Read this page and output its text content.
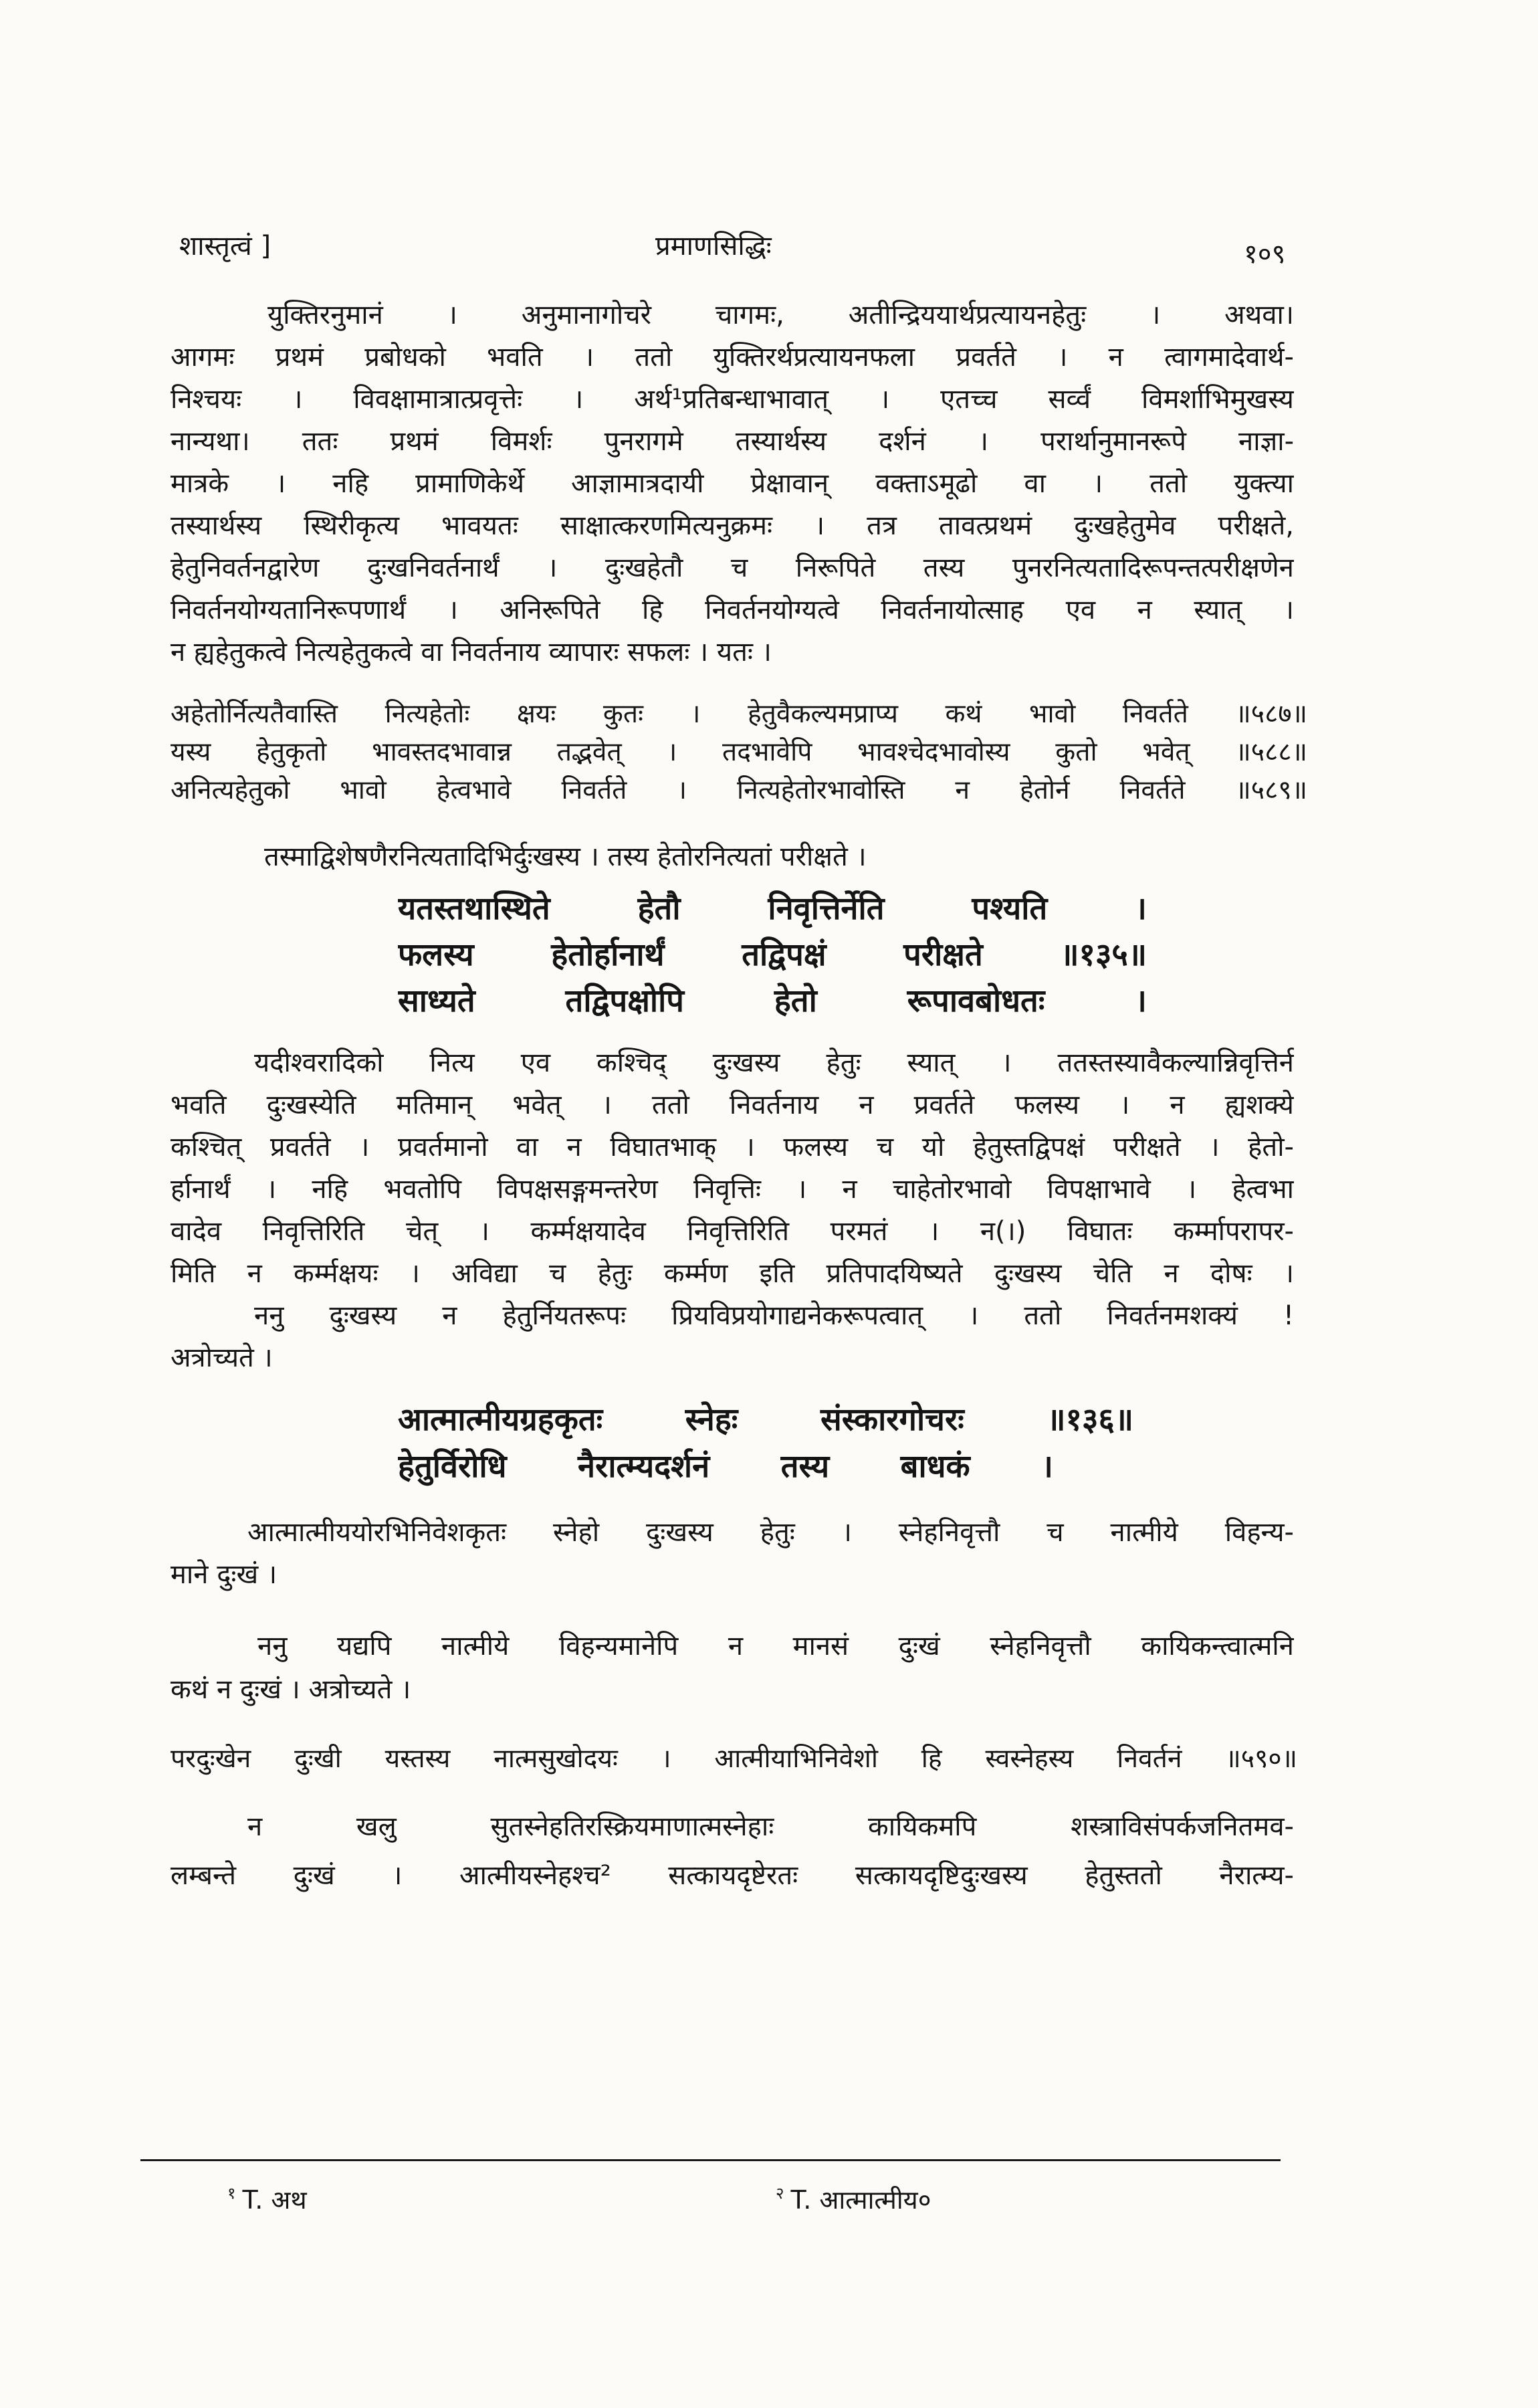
शास्तृत्वं ]	प्रमाणसिद्धिः	१०९
युक्तिरनुमानं । अनुमानागोचरे चागमः, अतीन्द्रिययार्थप्रत्यायनहेतुः । अथवा।
आगमः प्रथमं प्रबोधको भवति । ततो युक्तिरर्थप्रत्यायनफला प्रवर्तते । न त्वागमादेवार्थ-
निश्चयः । विवक्षामात्रात्प्रवृत्तेः । अर्थ¹प्रतिबन्धाभावात् । एतच्च सर्व्वं विमर्शाभिमुखस्य
नान्यथा। ततः प्रथमं विमर्शः पुनरागमे तस्यार्थस्य दर्शनं । परार्थानुमानरूपे नाज्ञा-
मात्रके । नहि प्रामाणिकेर्थे आज्ञामात्रदायी प्रेक्षावान् वक्ताऽमूढो वा । ततो युक्त्या
तस्यार्थस्य स्थिरीकृत्य भावयतः साक्षात्करणमित्यनुक्रमः । तत्र तावत्प्रथमं दुःखहेतुमेव परीक्षते,
हेतुनिवर्तनद्वारेण दुःखनिवर्तनार्थं । दुःखहेतौ च निरूपिते तस्य पुनरनित्यतादिरूपन्तत्परीक्षणेन
निवर्तनयोग्यतानिरूपणार्थं । अनिरूपिते हि निवर्तनयोग्यत्वे निवर्तनायोत्साह एव न स्यात् ।
न ह्यहेतुकत्वे नित्यहेतुकत्वे वा निवर्तनाय व्यापारः सफलः । यतः ।
अहेतोर्नित्यतैवास्ति नित्यहेतोः क्षयः कुतः । हेतुवैकल्यमप्राप्य कथं भावो निवर्तते ॥५८७॥
यस्य हेतुकृतो भावस्तदभावान्न तद्भवेत् । तदभावेपि भावश्चेदभावोस्य कुतो भवेत् ॥५८८॥
अनित्यहेतुको भावो हेत्वभावे निवर्तते । नित्यहेतोरभावोस्ति न हेतोर्न निवर्तते ॥५८९॥
तस्माद्विशेषणैरनित्यतादिभिर्दुःखस्य । तस्य हेतोरनित्यतां परीक्षते ।
यतस्तथास्थिते हेतौ निवृत्तिर्नेति पश्यति ।
फलस्य हेतोर्हानार्थं तद्विपक्षं परीक्षते ॥१३५॥
साध्यते तद्विपक्षोपि हेतो रूपावबोधतः ।
यदीश्वरादिको नित्य एव कश्चिद् दुःखस्य हेतुः स्यात् । ततस्तस्यावैकल्यान्निवृत्तिर्न
भवति दुःखस्येति मतिमान् भवेत् । ततो निवर्तनाय न प्रवर्तते फलस्य । न ह्यशक्ये
कश्चित् प्रवर्तते । प्रवर्तमानो वा न विघातभाक् । फलस्य च यो हेतुस्तद्विपक्षं परीक्षते । हेतो-
र्हानार्थं । नहि भवतोपि विपक्षसङ्गमन्तरेण निवृत्तिः । न चाहेतोरभावो विपक्षाभावे । हेत्वभा
वादेव निवृत्तिरिति चेत् । कर्म्मक्षयादेव निवृत्तिरिति परमतं । न(।) विघातः कर्म्मापरापर-
मिति न कर्म्मक्षयः । अविद्या च हेतुः कर्म्मण इति प्रतिपादयिष्यते दुःखस्य चेति न दोषः ।
ननु दुःखस्य न हेतुर्नियतरूपः प्रियविप्रयोगाद्यनेकरूपत्वात् । ततो निवर्तनमशक्यं !
अत्रोच्यते ।
आत्मात्मीयग्रहकृतः स्नेहः संस्कारगोचरः ॥१३६॥
हेतुर्विरोधि नैरात्म्यदर्शनं तस्य बाधकं ।
आत्मात्मीययोरभिनिवेशकृतः स्नेहो दुःखस्य हेतुः । स्नेहनिवृत्तौ च नात्मीये विहन्य-
माने दुःखं ।
ननु यद्यपि नात्मीये विहन्यमानेपि न मानसं दुःखं स्नेहनिवृत्तौ कायिकन्त्वात्मनि
कथं न दुःखं । अत्रोच्यते ।
परदुःखेन दुःखी यस्तस्य नात्मसुखोदयः । आत्मीयाभिनिवेशो हि स्वस्नेहस्य निवर्तनं ॥५९०॥
न खलु सुतस्नेहतिरस्क्रियमाणात्मस्नेहाः कायिकमपि शस्त्राविसंपर्कजनितमव-
लम्बन्ते दुःखं । आत्मीयस्नेहश्च² सत्कायदृष्टेरतः सत्कायदृष्टिदुःखस्य हेतुस्ततो नैरात्म्य-
$^१$ T. अथ	$^२$ T. आत्मात्मीय०
